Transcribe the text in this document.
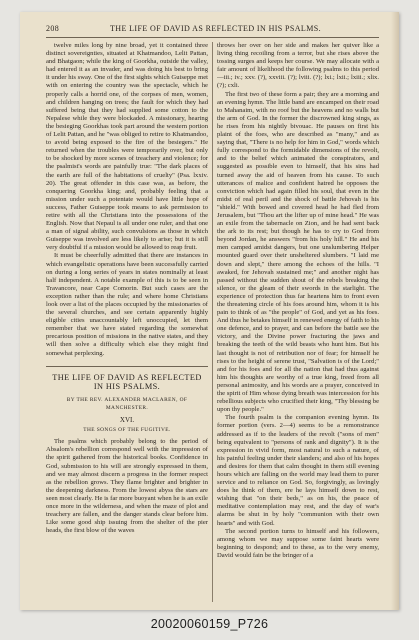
208	THE LIFE OF DAVID AS REFLECTED IN HIS PSALMS.

twelve miles long by nine broad, yet it contained three distinct sovereignties, situated at Khatmandoo, Lelit Pattan, and Bhatgaon; while the king of Goorkha, outside the valley, had entered it as an invader, and was doing his best to bring it under his sway. One of the first sights which Guiseppe met with on entering the country was the spectacle, which he properly calls a horrid one, of the corpses of men, women, and children hanging on trees; the fault for which they had suffered being that they had supplied some cotton to the Nepalese while they were blockaded. A missionary, hearing the besieging Goorkhas took part around the western portion of Lelit Pattan, and he "was obliged to retire to Khatmandoo, to avoid being exposed to the fire of the besiegers." He returned when the troubles were temporarily over, but only to be shocked by more scenes of treachery and violence; for the psalmist's words are painfully true: "The dark places of the earth are full of the habitations of cruelty" (Psa. lxxiv. 20). The great offender in this case was, as before, the conquering Goorkha king; and, probably feeling that a mission under such a potentate would have little hope of success, Father Guiseppe took means to ask permission to retire with all the Christians into the possessions of the English. Now that Nepaul is all under one ruler, and that one a man of signal ability, such convulsions as those in which Guiseppe was involved are less likely to arise; but it is still very doubtful if a mission would be allowed to reap fruit.

It must be cheerfully admitted that there are instances in which evangelistic operations have been successfully carried on during a long series of years in states nominally at least half independent. A notable example of this is to be seen in Travancore, near Cape Comorin. But such cases are the exception rather than the rule; and where home Christians look over a list of the places occupied by the missionaries of the several churches, and see certain apparently highly eligible cities unaccountably left unoccupied, let them remember that we have stated regarding the somewhat precarious position of missions in the native states, and they will then solve a difficulty which else they might find somewhat perplexing.

THE LIFE OF DAVID AS REFLECTED IN HIS PSALMS.
BY THE REV. ALEXANDER MACLAREN, OF MANCHESTER.
XVI.
THE SONGS OF THE FUGITIVE.

The psalms which probably belong to the period of Absalom's rebellion correspond well with the impression of the spirit gathered from the historical books. Confidence in God, submission to his will are strongly expressed in them, and we may almost discern a progress in the former respect as the rebellion grows. They flame brighter and brighter in the deepening darkness. From the lowest abyss the stars are seen most clearly. He is far more buoyant when he is an exile once more in the wilderness, and when the maze of plot and treachery are fallen, and the danger stands clear before him. Like some good ship issuing from the shelter of the pier heads, the first blow of the waves

throws her over on her side and makes her quiver like a living thing recoiling from a terror, but she rises above the tossing surges and keeps her course. We may allocate with a fair amount of likelihood the following psalms to this period—iii.; iv.; xxv. (?), xxviii. (?); lviii. (?); lxi.; lxii.; lxiii.; xlix. (?); cxli.

The first two of these form a pair; they are a morning and an evening hymn. The little band are encamped on their road to Mahanaim, with no roof but the heavens and no walls but the arm of God. In the former the discrowned king sings, as he rises from his nightly bivouac. He pauses on first his plaint of the foes, who are described as "many," and as saying that, "There is no help for him in God," words which fully correspond to the formidable dimensions of the revolt, and to the belief which animated the conspirators, and suggested as possible even to himself, that his sins had turned away the aid of heaven from his cause. To such utterances of malice and confident hatred he opposes the conviction which had again filled his soul, that even in the midst of real peril and the shock of battle Jehovah is his "shield." With bowed and covered head he had fled from Jerusalem, but "Thou art the lifter up of mine head." He was an exile from the tabernacle on Zion, and he had sent back the ark to its rest; but though he has to cry to God from beyond Jordan, he answers "from his holy hill." He and his men camped amidst dangers, but one unslumbering Helper mounted guard over their unsheltered slumbers. "I laid me down and slept," there among the echoes of the hills. "I awaked, for Jehovah sustained me;" and another night has passed without the sudden shout of the rebels breaking the silence, or the gleam of their swords in the starlight. The experience of protection thus far heartens him to front even the threatening circle of his foes around him, whom it is his pain to think of as "the people" of God, and yet as his foes. And thus he betakes himself in renewed energy of faith to his one defence, and to prayer, and can before the battle see the victory, and the Divine power fracturing the jaws and breaking the teeth of the wild beasts who hunt him. But his last thought is not of retribution nor of fear; for himself he rises to the height of serene trust, "Salvation is of the Lord;" and for his foes and for all the nation that had thus against him his thoughts are worthy of a true king, freed from all personal animosity, and his words are a prayer, conceived in the spirit of Him whose dying breath was intercession for his rebellious subjects who crucified their king, "Thy blessing be upon thy people."

The fourth psalm is the companion evening hymn. Its former portion (vers. 2—4) seems to be a remonstrance addressed as if to the leaders of the revolt ("sons of men" being equivalent to "persons of rank and dignity"). It is the expression in vivid form, most natural to such a nature, of his painful feeling under their slanders; and also of his hopes and desires for them that calm thought in them still evening hours which are falling on the world may lead them to purer service and to reliance on God. So, forgivingly, as lovingly does he think of them, ere he lays himself down to rest, wishing that "on their beds," as on his, the peace of meditative contemplation may rest, and the day of war's alarms be shut in by holy "communion with their own hearts" and with God.

The second portion turns to himself and his followers, among whom we may suppose some faint hearts were beginning to despond; and to these, as to the very enemy, David would fain be the bringer of a

20020060159_P726
